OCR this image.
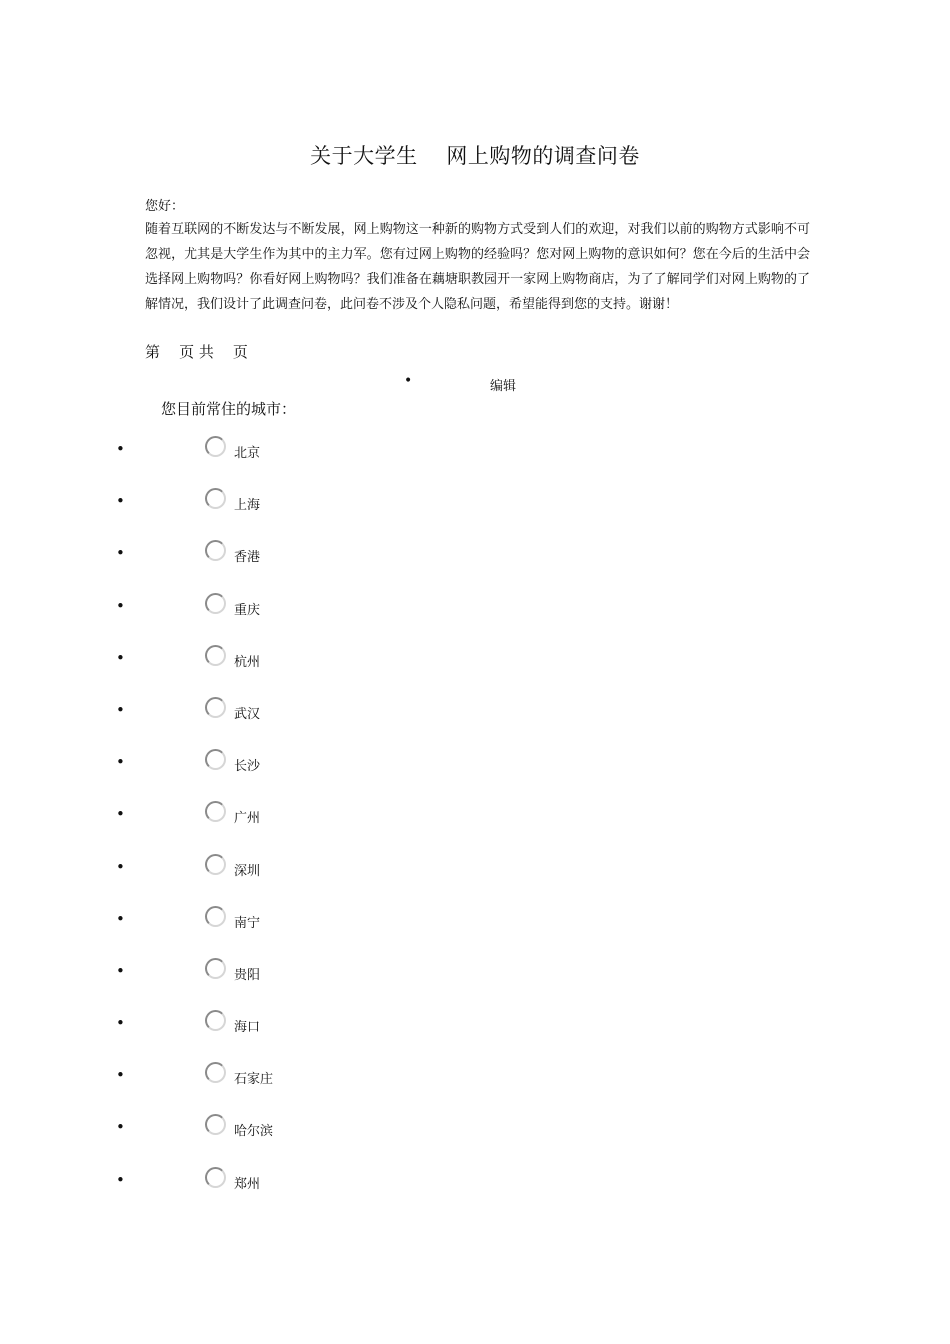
关于大学生    网上购物的调查问卷
您好：
随着互联网的不断发达与不断发展，网上购物这一种新的购物方式受到人们的欢迎，对我们以前的购物方式影响不可忽视，尤其是大学生作为其中的主力军。您有过网上购物的经验吗？您对网上购物的意识如何？您在今后的生活中会选择网上购物吗？你看好网上购物吗？我们准备在藕塘职教园开一家网上购物商店，为了了解同学们对网上购物的了解情况，我们设计了此调查问卷，此问卷不涉及个人隐私问题，希望能得到您的支持。谢谢！
第    页 共    页
•	编辑
您目前常住的城市：
•	北京
•	上海
•	香港
•	重庆
•	杭州
•	武汉
•	长沙
•	广州
•	深圳
•	南宁
•	贵阳
•	海口
•	石家庄
•	哈尔滨
•	郑州
